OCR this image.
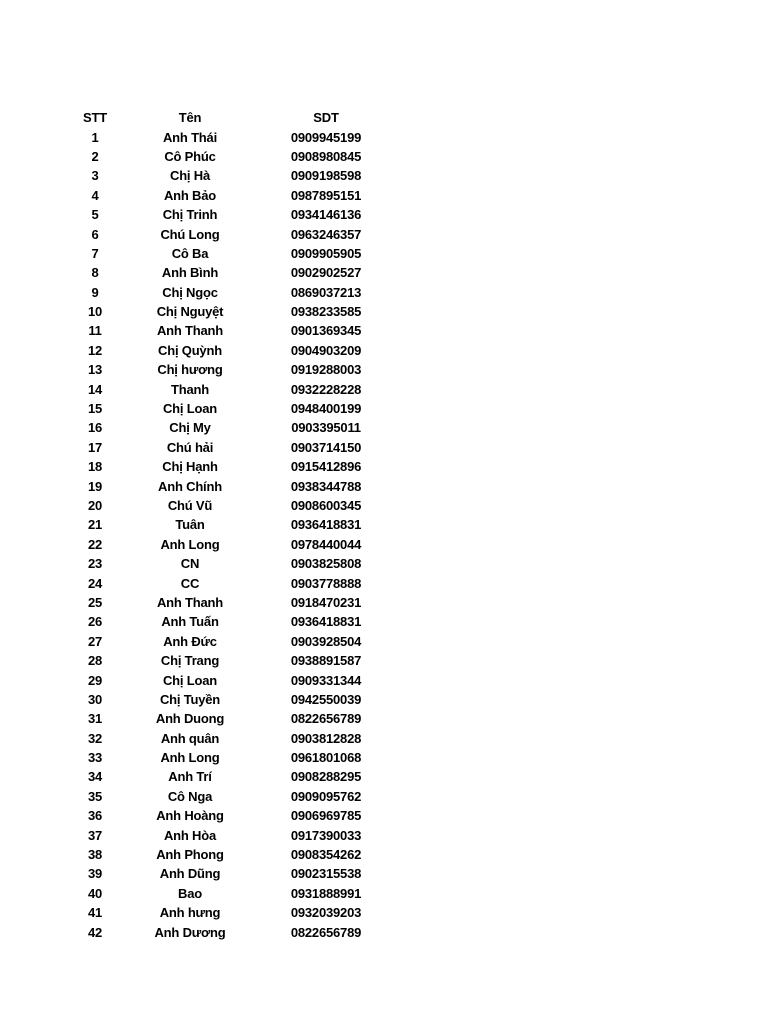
STT	Tên	SDT
1	Anh Thái	0909945199
2	Cô Phúc	0908980845
3	Chị Hà	0909198598
4	Anh Bảo	0987895151
5	Chị Trinh	0934146136
6	Chú Long	0963246357
7	Cô Ba	0909905905
8	Anh Bình	0902902527
9	Chị Ngọc	0869037213
10	Chị Nguyệt	0938233585
11	Anh Thanh	0901369345
12	Chị Quỳnh	0904903209
13	Chị hương	0919288003
14	Thanh	0932228228
15	Chị Loan	0948400199
16	Chị My	0903395011
17	Chú hải	0903714150
18	Chị Hạnh	0915412896
19	Anh Chính	0938344788
20	Chú Vũ	0908600345
21	Tuân	0936418831
22	Anh Long	0978440044
23	CN	0903825808
24	CC	0903778888
25	Anh Thanh	0918470231
26	Anh Tuấn	0936418831
27	Anh Đức	0903928504
28	Chị Trang	0938891587
29	Chị Loan	0909331344
30	Chị Tuyền	0942550039
31	Anh Duong	0822656789
32	Anh quân	0903812828
33	Anh Long	0961801068
34	Anh Trí	0908288295
35	Cô Nga	0909095762
36	Anh Hoàng	0906969785
37	Anh Hòa	0917390033
38	Anh Phong	0908354262
39	Anh Dũng	0902315538
40	Bao	0931888991
41	Anh hưng	0932039203
42	Anh Dương	0822656789
